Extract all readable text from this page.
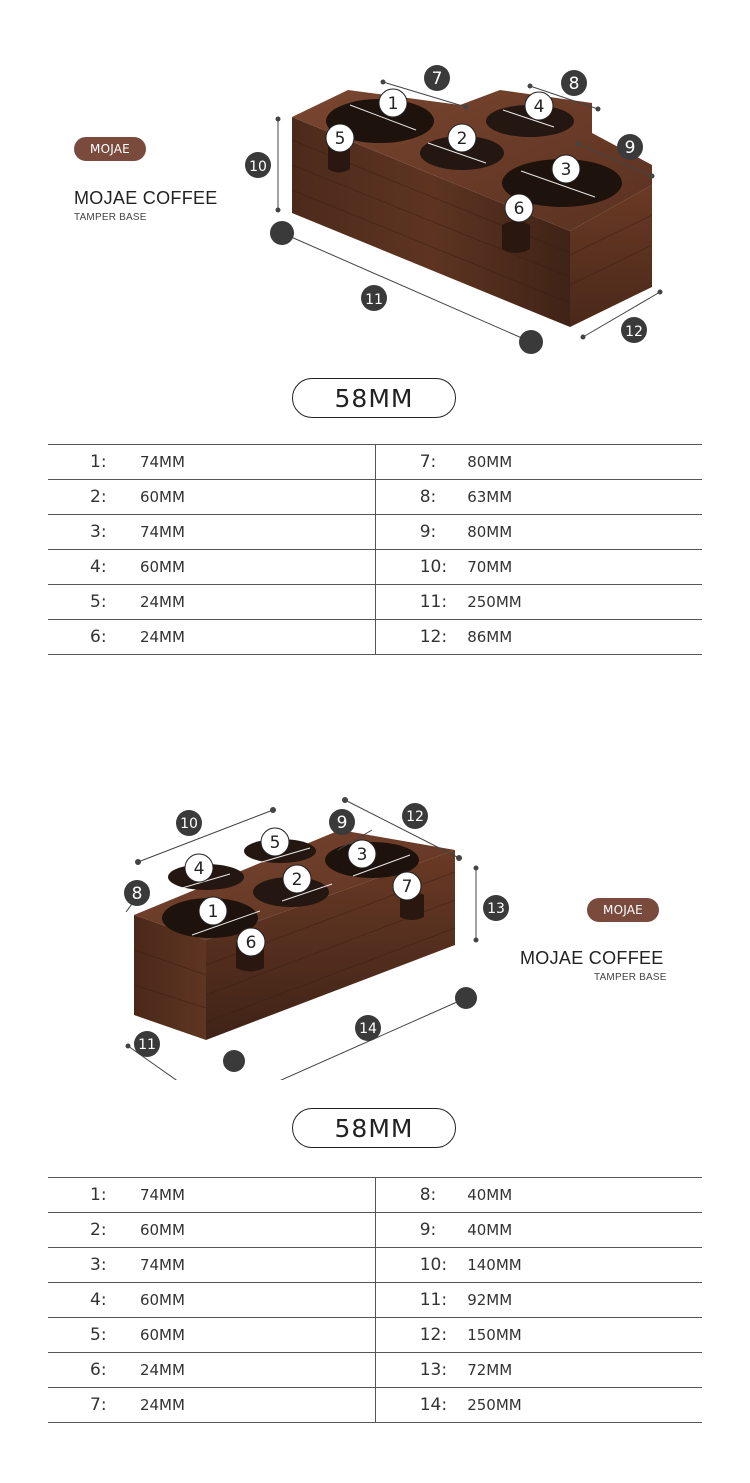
MOJAE
MOJAE COFFEE
TAMPER BASE
1
2
3
4
5
6
7	8
9
10
11
12
58MM
1:	74MM	7:	80MM
2:	60MM	8:	63MM
3:	74MM	9:	80MM
4:	60MM	10:	70MM
5:	24MM	11:	250MM
6:	24MM	12:	86MM
MOJAE
MOJAE COFFEE
TAMPER BASE
1
2
3
4
5
6
7
8
9
10
11
12
13
14
58MM
1:	74MM	8:	40MM
2:	60MM	9:	40MM
3:	74MM	10:	140MM
4:	60MM	11:	92MM
5:	60MM	12:	150MM
6:	24MM	13:	72MM
7:	24MM	14:	250MM
